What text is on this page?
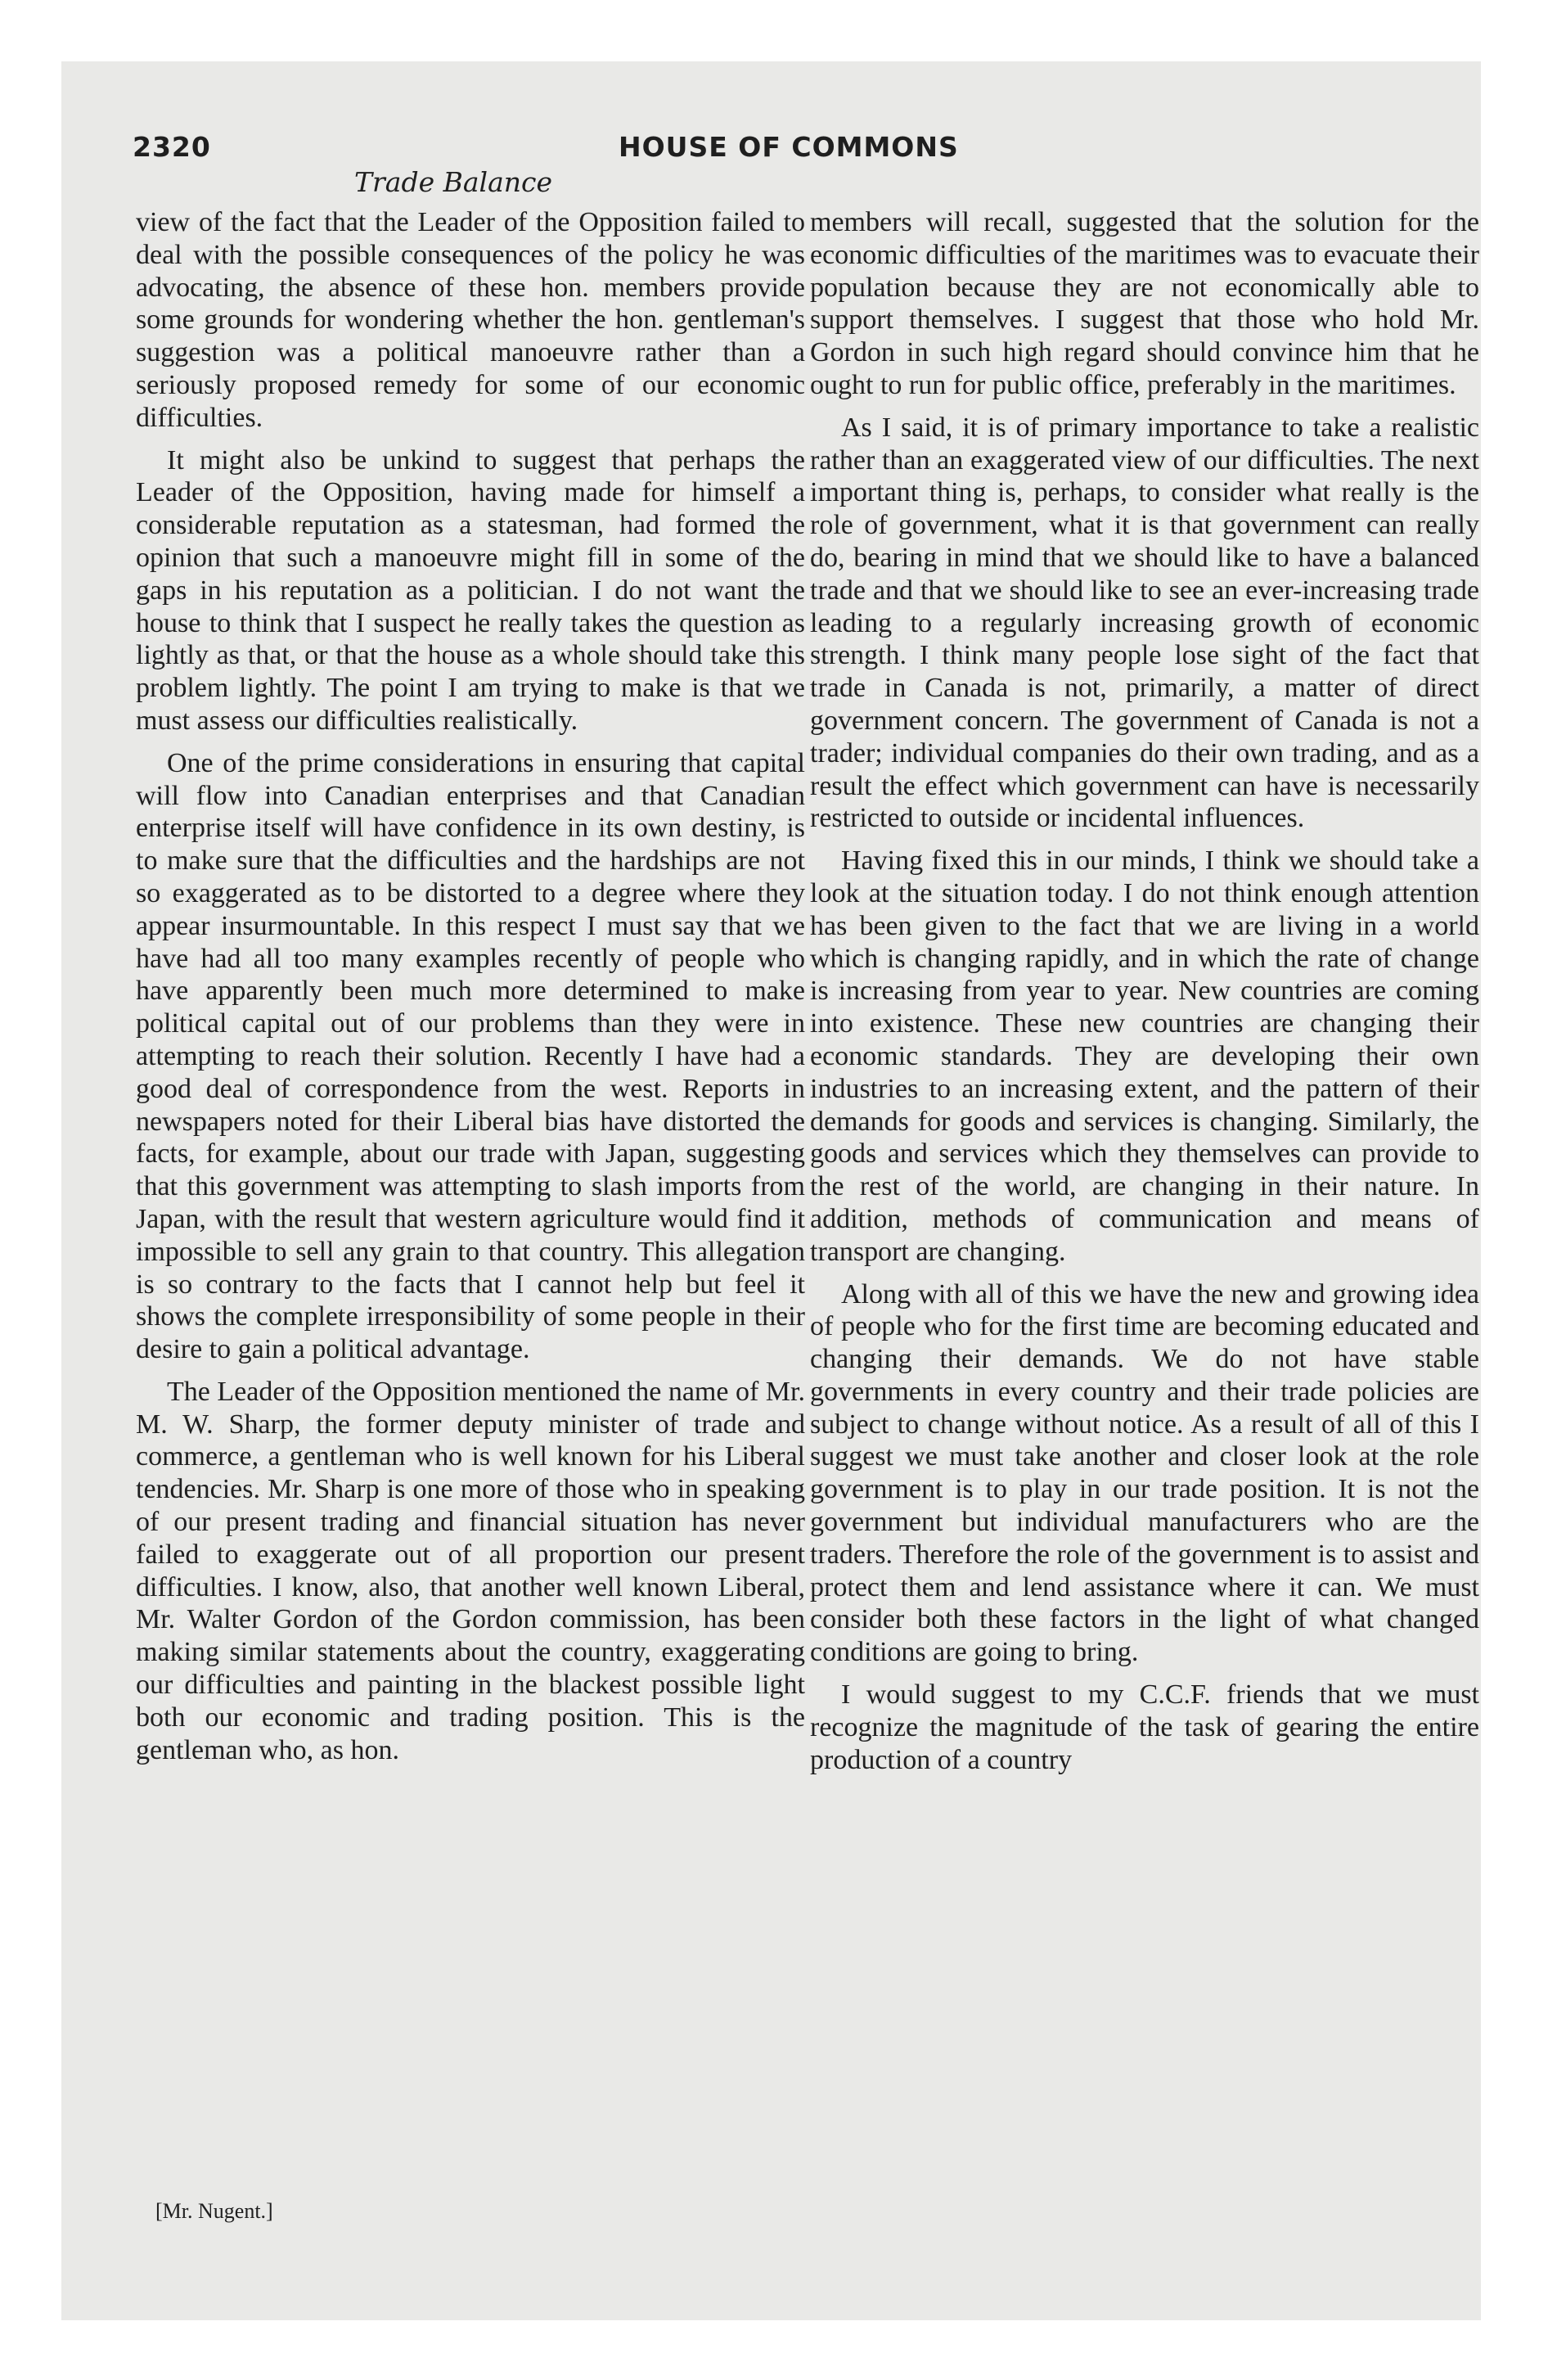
2320	HOUSE OF COMMONS
Trade Balance

view of the fact that the Leader of the Opposition failed to deal with the possible consequences of the policy he was advocating, the absence of these hon. members provide some grounds for wondering whether the hon. gentleman's suggestion was a political manoeuvre rather than a seriously proposed remedy for some of our economic difficulties.

It might also be unkind to suggest that perhaps the Leader of the Opposition, having made for himself a considerable reputation as a statesman, had formed the opinion that such a manoeuvre might fill in some of the gaps in his reputation as a politician. I do not want the house to think that I suspect he really takes the question as lightly as that, or that the house as a whole should take this problem lightly. The point I am trying to make is that we must assess our difficulties realistically.

One of the prime considerations in ensuring that capital will flow into Canadian enterprises and that Canadian enterprise itself will have confidence in its own destiny, is to make sure that the difficulties and the hardships are not so exaggerated as to be distorted to a degree where they appear insurmountable. In this respect I must say that we have had all too many examples recently of people who have apparently been much more determined to make political capital out of our problems than they were in attempting to reach their solution. Recently I have had a good deal of correspondence from the west. Reports in newspapers noted for their Liberal bias have distorted the facts, for example, about our trade with Japan, suggesting that this government was attempting to slash imports from Japan, with the result that western agriculture would find it impossible to sell any grain to that country. This allegation is so contrary to the facts that I cannot help but feel it shows the complete irresponsibility of some people in their desire to gain a political advantage.

The Leader of the Opposition mentioned the name of Mr. M. W. Sharp, the former deputy minister of trade and commerce, a gentleman who is well known for his Liberal tendencies. Mr. Sharp is one more of those who in speaking of our present trading and financial situation has never failed to exaggerate out of all proportion our present difficulties. I know, also, that another well known Liberal, Mr. Walter Gordon of the Gordon commission, has been making similar statements about the country, exaggerating our difficulties and painting in the blackest possible light both our economic and trading position. This is the gentleman who, as hon.

members will recall, suggested that the solution for the economic difficulties of the maritimes was to evacuate their population because they are not economically able to support themselves. I suggest that those who hold Mr. Gordon in such high regard should convince him that he ought to run for public office, preferably in the maritimes.

As I said, it is of primary importance to take a realistic rather than an exaggerated view of our difficulties. The next important thing is, perhaps, to consider what really is the role of government, what it is that government can really do, bearing in mind that we should like to have a balanced trade and that we should like to see an ever-increasing trade leading to a regularly increasing growth of economic strength. I think many people lose sight of the fact that trade in Canada is not, primarily, a matter of direct government concern. The government of Canada is not a trader; individual companies do their own trading, and as a result the effect which government can have is necessarily restricted to outside or incidental influences.

Having fixed this in our minds, I think we should take a look at the situation today. I do not think enough attention has been given to the fact that we are living in a world which is changing rapidly, and in which the rate of change is increasing from year to year. New countries are coming into existence. These new countries are changing their economic standards. They are developing their own industries to an increasing extent, and the pattern of their demands for goods and services is changing. Similarly, the goods and services which they themselves can provide to the rest of the world, are changing in their nature. In addition, methods of communication and means of transport are changing.

Along with all of this we have the new and growing idea of people who for the first time are becoming educated and changing their demands. We do not have stable governments in every country and their trade policies are subject to change without notice. As a result of all of this I suggest we must take another and closer look at the role government is to play in our trade position. It is not the government but individual manufacturers who are the traders. Therefore the role of the government is to assist and protect them and lend assistance where it can. We must consider both these factors in the light of what changed conditions are going to bring.

I would suggest to my C.C.F. friends that we must recognize the magnitude of the task of gearing the entire production of a country

[Mr. Nugent.]
